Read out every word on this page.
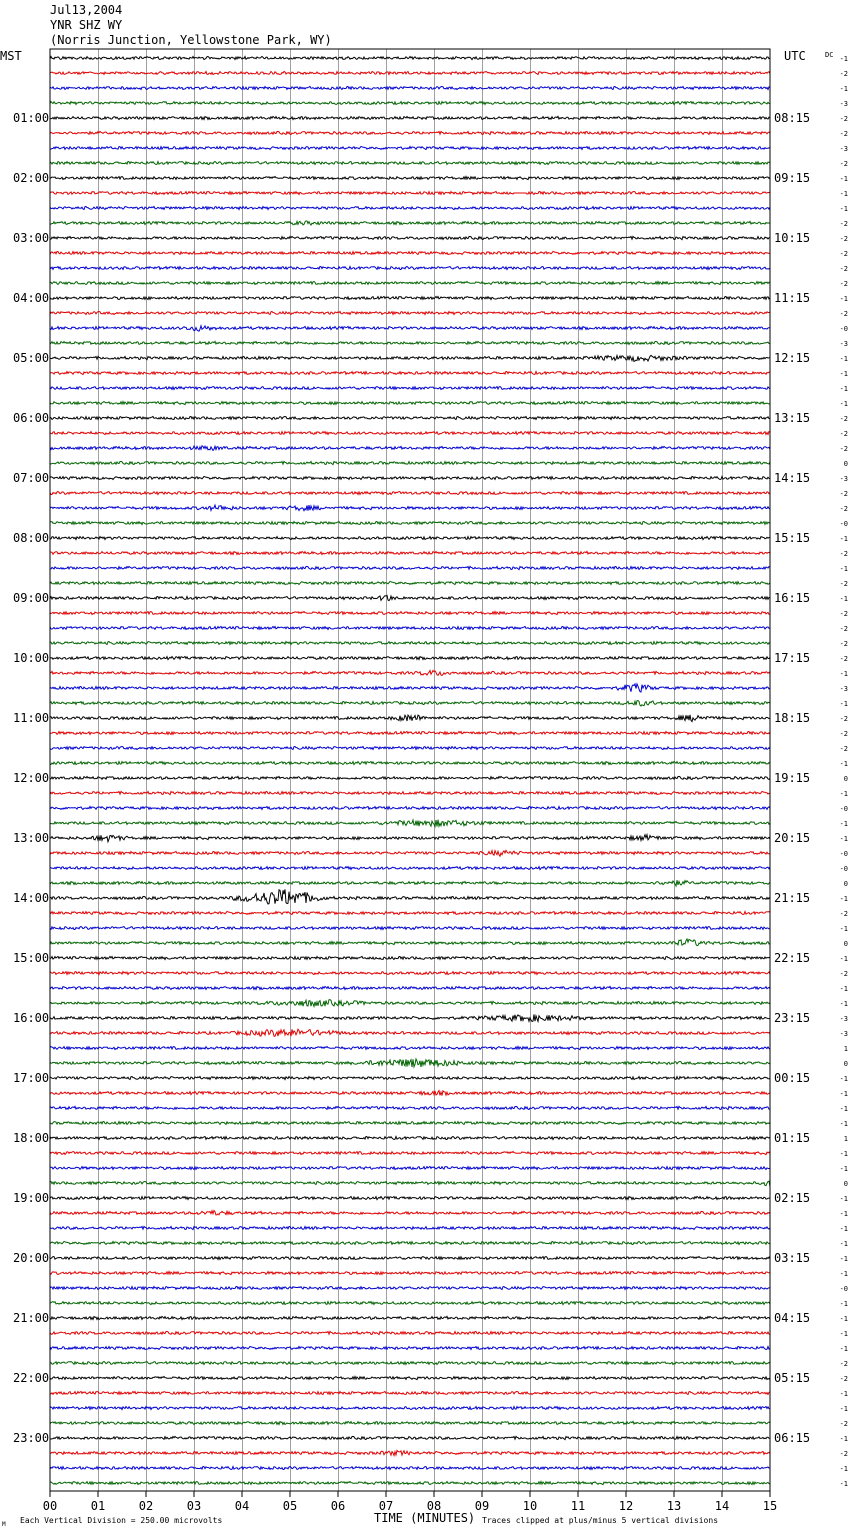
Jul13,2004
YNR SHZ WY
(Norris Junction, Yellowstone Park, WY)
MST	UTC	DC
01:00
02:00
03:00
04:00
05:00
06:00
07:00
08:00
09:00
10:00
11:00
12:00
13:00
14:00
15:00
16:00
17:00
18:00
19:00
20:00
21:00
22:00
23:00
08:15
09:15
10:15
11:15
12:15
13:15
14:15
15:15
16:15
17:15
18:15
19:15
20:15
21:15
22:15
23:15
00:15
01:15
02:15
03:15
04:15
05:15
06:15
-1
-2
-1
-3
-2
-2
-3
-2
-1
-1
-1
-2
-2
-2
-2
-2
-1
-2
-0
-3
-1
-1
-1
-1
-2
-2
-2
0
-3
-2
-2
-0
-1
-2
-1
-2
-1
-2
-2
-2
-2
-1
-3
-1
-2
-2
-2
-1
0
-1
-0
-1
-1
-0
-0
0
-1
-2
-1
0
-1
-2
-1
-1
-3
-3
1
0
-1
-1
-1
-1
1
-1
-1
0
-1
-1
-1
-1
-1
-1
-0
-1
-1
-1
-1
-2
-2
-1
-1
-2
-1
-2
-1
-1
00	01	02	03	04	05	06	07	08	09	10	11	12	13	14	15
TIME (MINUTES)
Each Vertical Division = 250.00 microvolts	Traces clipped at plus/minus 5 vertical divisions
M
